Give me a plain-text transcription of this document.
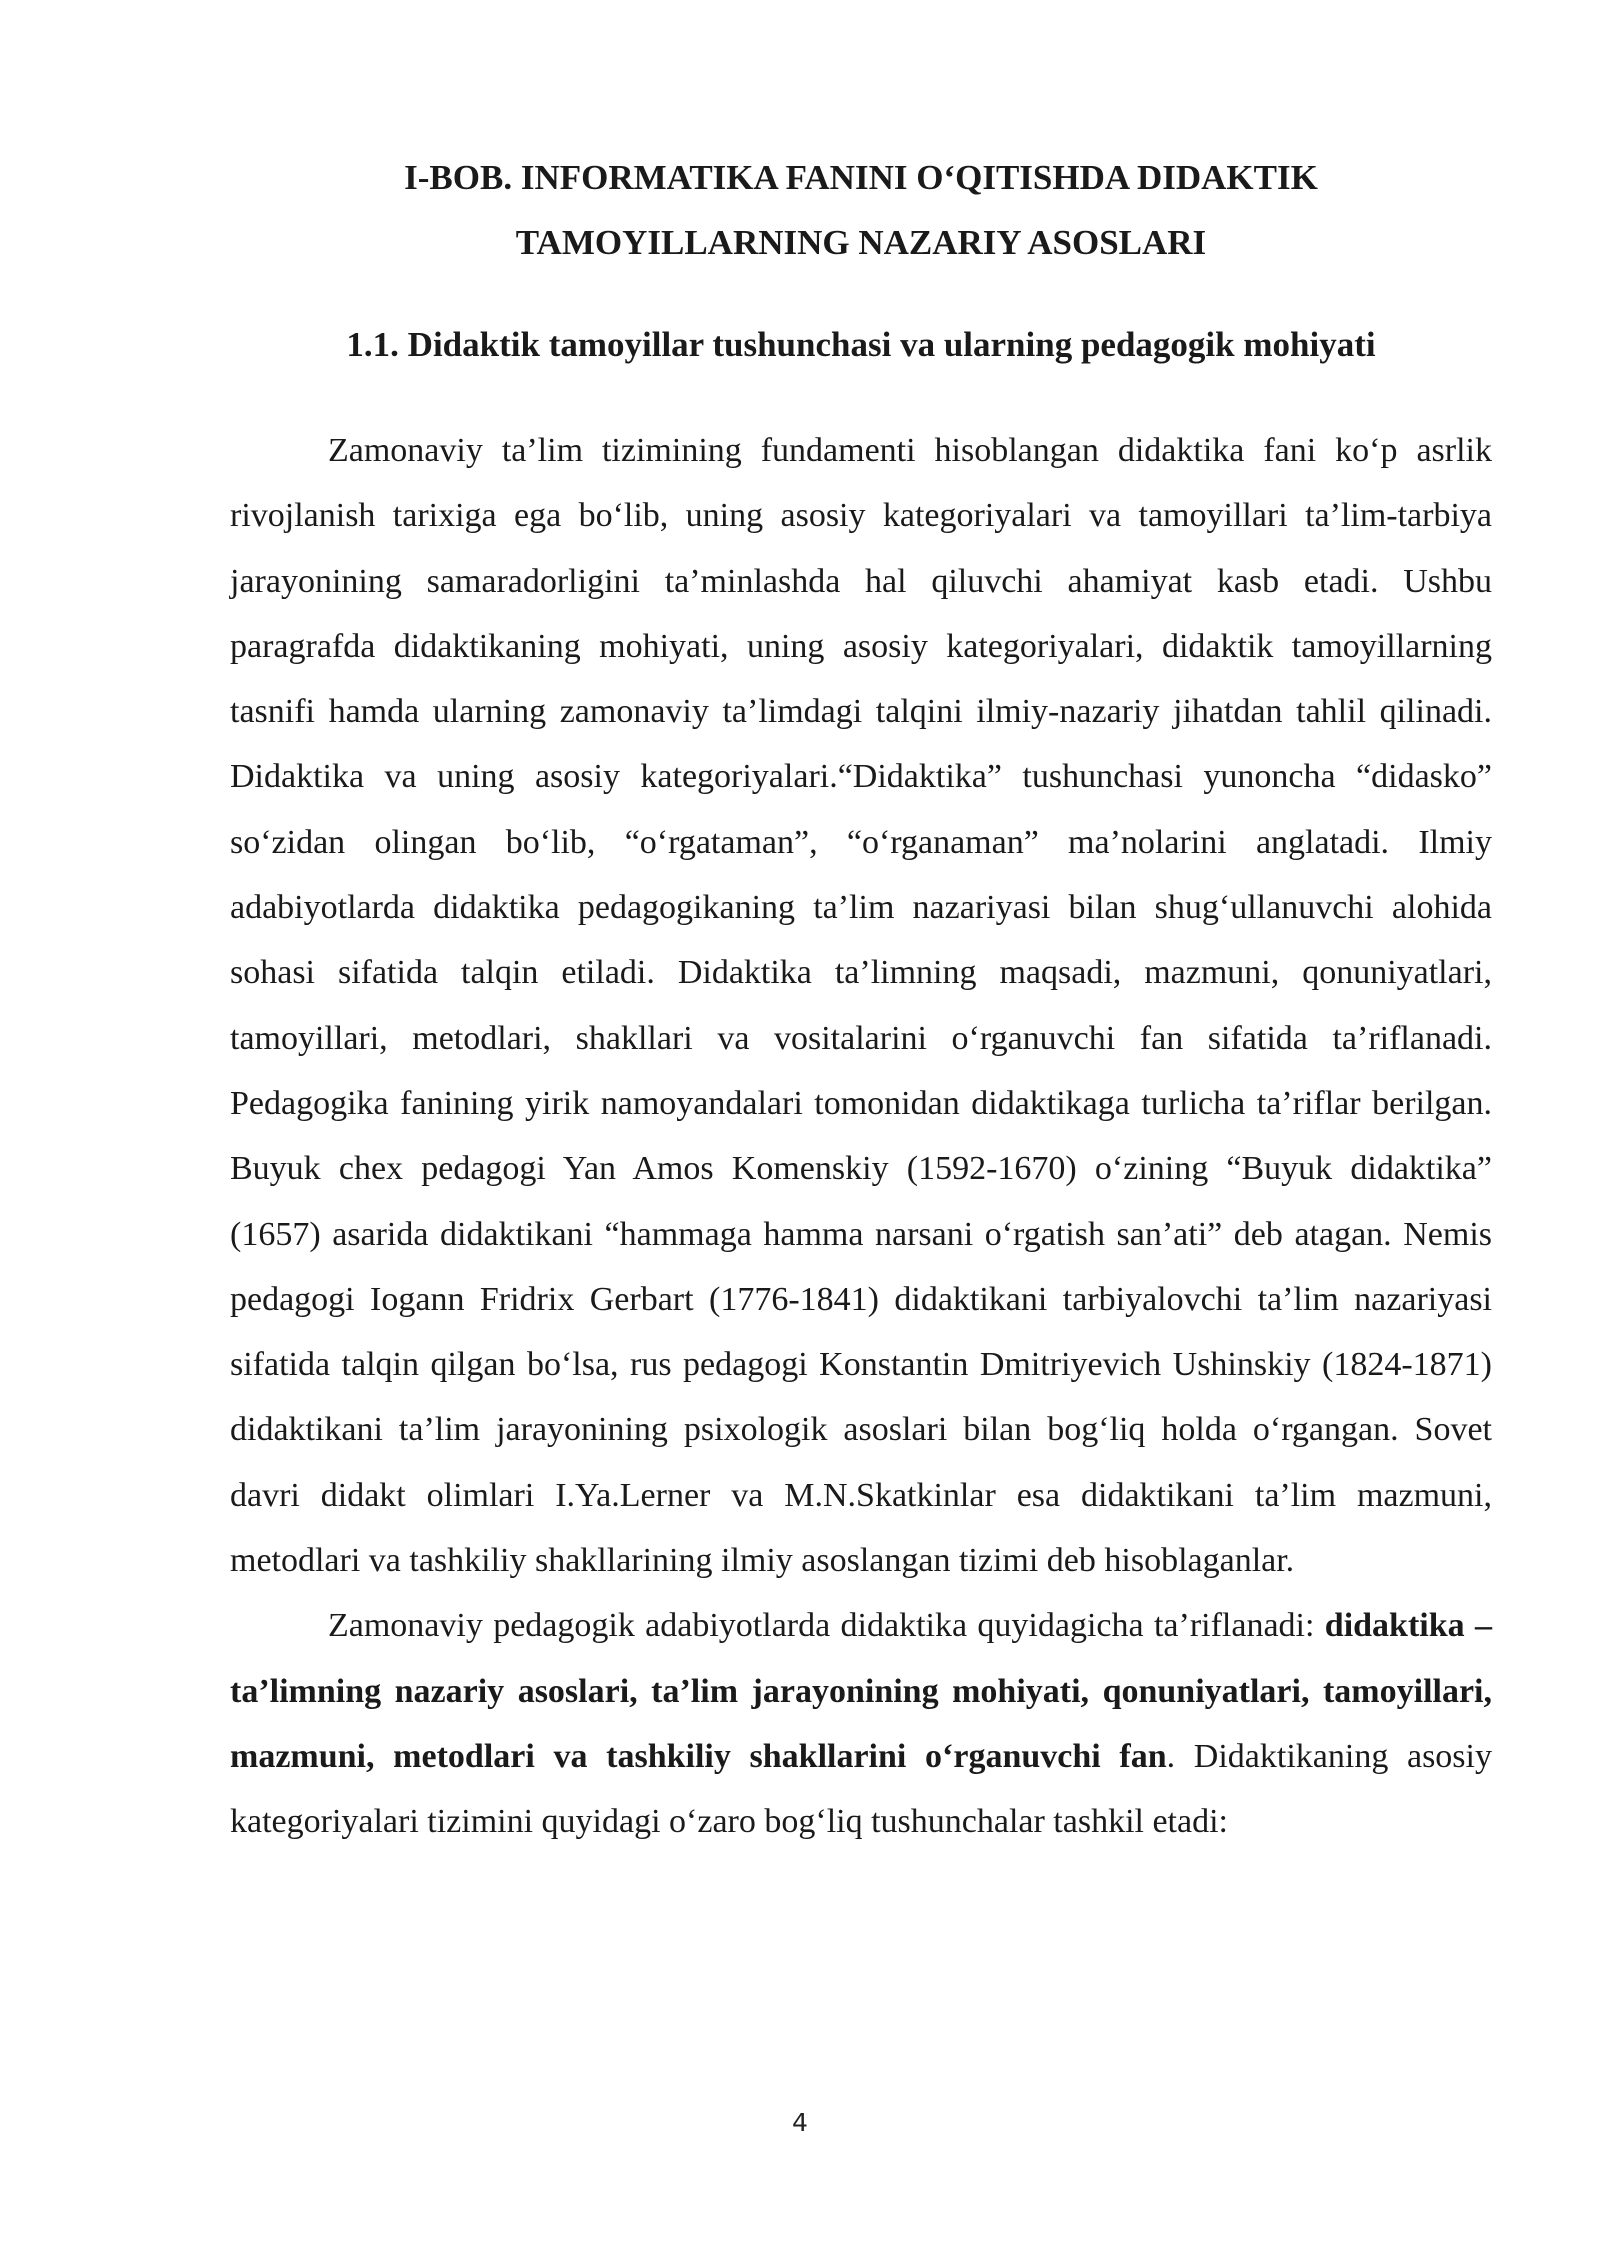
I-BOB. INFORMATIKA FANINI O‘QITISHDA DIDAKTIK
TAMOYILLARNING NAZARIY ASOSLARI
1.1. Didaktik tamoyillar tushunchasi va ularning pedagogik mohiyati

Zamonaviy ta’lim tizimining fundamenti hisoblangan didaktika fani ko‘p asrlik rivojlanish tarixiga ega bo‘lib, uning asosiy kategoriyalari va tamoyillari ta’lim-tarbiya jarayonining samaradorligini ta’minlashda hal qiluvchi ahamiyat kasb etadi. Ushbu paragrafda didaktikaning mohiyati, uning asosiy kategoriyalari, didaktik tamoyillarning tasnifi hamda ularning zamonaviy ta’limdagi talqini ilmiy-nazariy jihatdan tahlil qilinadi. Didaktika va uning asosiy kategoriyalari.“Didaktika” tushunchasi yunoncha “didasko” so‘zidan olingan bo‘lib, “o‘rgataman”, “o‘rganaman” ma’nolarini anglatadi. Ilmiy adabiyotlarda didaktika pedagogikaning ta’lim nazariyasi bilan shug‘ullanuvchi alohida sohasi sifatida talqin etiladi. Didaktika ta’limning maqsadi, mazmuni, qonuniyatlari, tamoyillari, metodlari, shakllari va vositalarini o‘rganuvchi fan sifatida ta’riflanadi. Pedagogika fanining yirik namoyandalari tomonidan didaktikaga turlicha ta’riflar berilgan. Buyuk chex pedagogi Yan Amos Komenskiy (1592-1670) o‘zining “Buyuk didaktika” (1657) asarida didaktikani “hammaga hamma narsani o‘rgatish san’ati” deb atagan. Nemis pedagogi Iogann Fridrix Gerbart (1776-1841) didaktikani tarbiyalovchi ta’lim nazariyasi sifatida talqin qilgan bo‘lsa, rus pedagogi Konstantin Dmitriyevich Ushinskiy (1824-1871) didaktikani ta’lim jarayonining psixologik asoslari bilan bog‘liq holda o‘rgangan. Sovet davri didakt olimlari I.Ya.Lerner va M.N.Skatkinlar esa didaktikani ta’lim mazmuni, metodlari va tashkiliy shakllarining ilmiy asoslangan tizimi deb hisoblaganlar.

Zamonaviy pedagogik adabiyotlarda didaktika quyidagicha ta’riflanadi: didaktika – ta’limning nazariy asoslari, ta’lim jarayonining mohiyati, qonuniyatlari, tamoyillari, mazmuni, metodlari va tashkiliy shakllarini o‘rganuvchi fan. Didaktikaning asosiy kategoriyalari tizimini quyidagi o‘zaro bog‘liq tushunchalar tashkil etadi:

4
